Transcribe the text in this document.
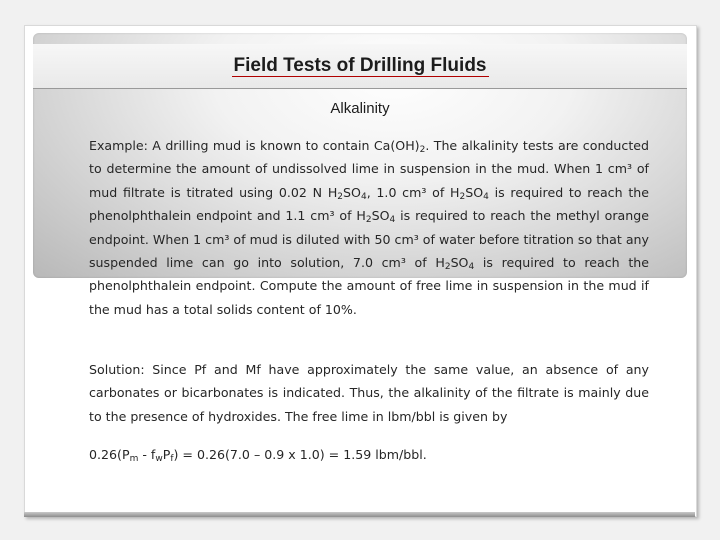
Field Tests of Drilling Fluids
Alkalinity
Example: A drilling mud is known to contain $Ca(OH)_2$. The alkalinity tests are conducted to determine the amount of undissolved lime in suspension in the mud. When 1 cm³ of mud filtrate is titrated using 0.02 N $H_2SO_4$, 1.0 cm³ of $H_2SO_4$ is required to reach the phenolphthalein endpoint and 1.1 cm³ of $H_2SO_4$ is required to reach the methyl orange endpoint. When 1 cm³ of mud is diluted with 50 cm³ of water before titration so that any suspended lime can go into solution, 7.0 cm³ of $H_2SO_4$ is required to reach the phenolphthalein endpoint. Compute the amount of free lime in suspension in the mud if the mud has a total solids content of 10%.
Solution: Since Pf and Mf have approximately the same value, an absence of any carbonates or bicarbonates is indicated. Thus, the alkalinity of the filtrate is mainly due to the presence of hydroxides. The free lime in lbm/bbl is given by
$0.26(P_m - f_wP_f) = 0.26(7.0 - 0.9$ x 1.0) = 1.59 lbm/bbl.
